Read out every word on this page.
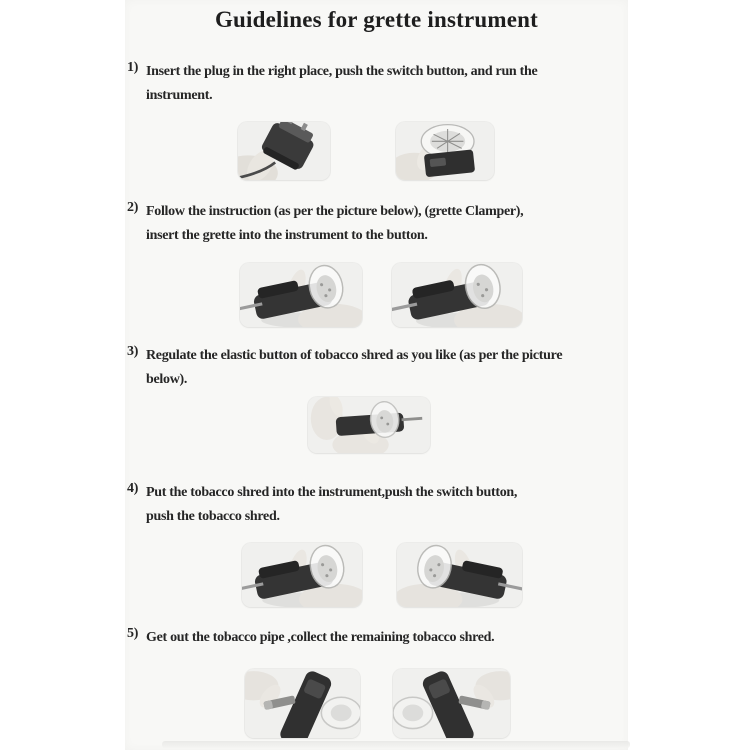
Guidelines for grette instrument
1) Insert the plug in the right place, push the switch button, and run the
instrument.
2) Follow the instruction (as per the picture below), (grette Clamper),
insert the grette into the instrument to the button.
3) Regulate the elastic button of tobacco shred as you like (as per the picture
below).
4) Put the tobacco shred into the instrument,push the switch button,
push the tobacco shred.
5) Get out the tobacco pipe ,collect the remaining tobacco shred.
